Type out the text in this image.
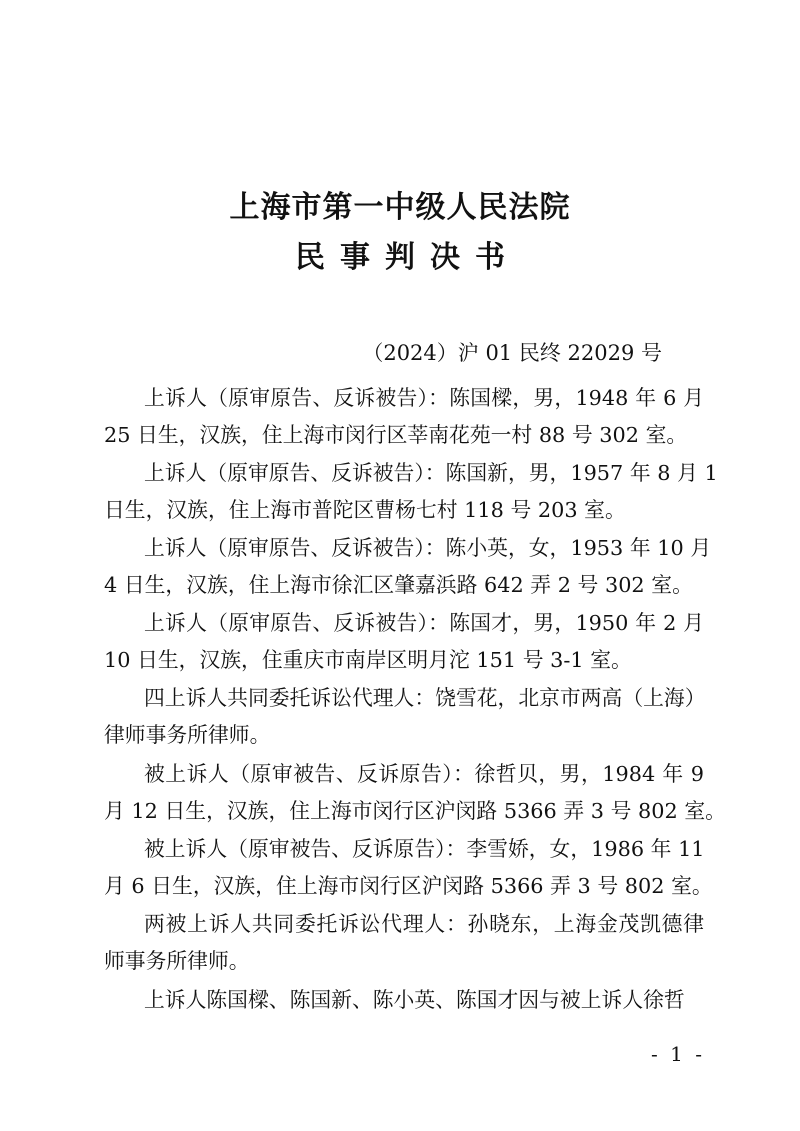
上海市第一中级人民法院
民事判决书
（2024）沪 01 民终 22029 号
上诉人（原审原告、反诉被告）：陈国樑，男，1948 年 6 月
25 日生，汉族，住上海市闵行区莘南花苑一村 88 号 302 室。
上诉人（原审原告、反诉被告）：陈国新，男，1957 年 8 月 1
日生，汉族，住上海市普陀区曹杨七村 118 号 203 室。
上诉人（原审原告、反诉被告）：陈小英，女，1953 年 10 月
4 日生，汉族，住上海市徐汇区肇嘉浜路 642 弄 2 号 302 室。
上诉人（原审原告、反诉被告）：陈国才，男，1950 年 2 月
10 日生，汉族，住重庆市南岸区明月沱 151 号 3-1 室。
四上诉人共同委托诉讼代理人：饶雪花，北京市两高（上海）
律师事务所律师。
被上诉人（原审被告、反诉原告）：徐哲贝，男，1984 年 9
月 12 日生，汉族，住上海市闵行区沪闵路 5366 弄 3 号 802 室。
被上诉人（原审被告、反诉原告）：李雪娇，女，1986 年 11
月 6 日生，汉族，住上海市闵行区沪闵路 5366 弄 3 号 802 室。
两被上诉人共同委托诉讼代理人：孙晓东，上海金茂凯德律
师事务所律师。
上诉人陈国樑、陈国新、陈小英、陈国才因与被上诉人徐哲
- 1 -
